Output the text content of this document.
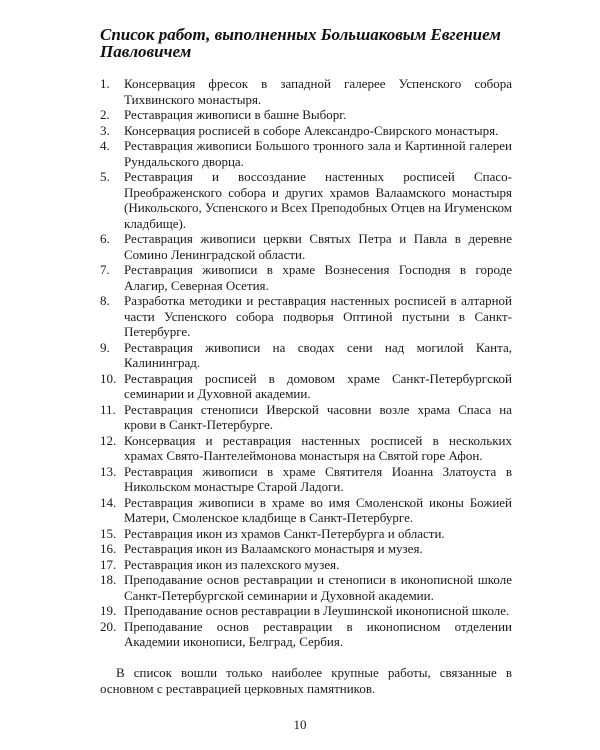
Список работ, выполненных Большаковым Евгением Павловичем
1.	Консервация фресок в западной галерее Успенского собора Тихвинского монастыря.
2.	Реставрация живописи в башне Выборг.
3.	Консервация росписей в соборе Александро-Свирского монастыря.
4.	Реставрация живописи Большого тронного зала и Картинной галереи Рундальского дворца.
5.	Реставрация и воссоздание настенных росписей Спасо-Преображенского собора и других храмов Валаамского монастыря (Никольского, Успенского и Всех Преподобных Отцев на Игуменском кладбище).
6.	Реставрация живописи церкви Святых Петра и Павла в деревне Сомино Ленинградской области.
7.	Реставрация живописи в храме Вознесения Господня в городе Алагир, Северная Осетия.
8.	Разработка методики и реставрация настенных росписей в алтарной части Успенского собора подворья Оптиной пустыни в Санкт-Петербурге.
9.	Реставрация живописи на сводах сени над могилой Канта, Калининград.
10. Реставрация росписей в домовом храме Санкт-Петербургской семинарии и Духовной академии.
11. Реставрация стенописи Иверской часовни возле храма Спаса на крови в Санкт-Петербурге.
12. Консервация и реставрация настенных росписей в нескольких храмах Свято-Пантелеймонова монастыря на Святой горе Афон.
13. Реставрация живописи в храме Святителя Иоанна Златоуста в Никольском монастыре Старой Ладоги.
14. Реставрация живописи в храме во имя Смоленской иконы Божией Матери, Смоленское кладбище в Санкт-Петербурге.
15. Реставрация икон из храмов Санкт-Петербурга и области.
16. Реставрация икон из Валаамского монастыря и музея.
17. Реставрация икон из палехского музея.
18. Преподавание основ реставрации и стенописи в иконописной школе Санкт-Петербургской семинарии и Духовной академии.
19. Преподавание основ реставрации в Леушинской иконописной школе.
20. Преподавание основ реставрации в иконописном отделении Академии иконописи, Белград, Сербия.

В список вошли только наиболее крупные работы, связанные в основном с реставрацией церковных памятников.

10
